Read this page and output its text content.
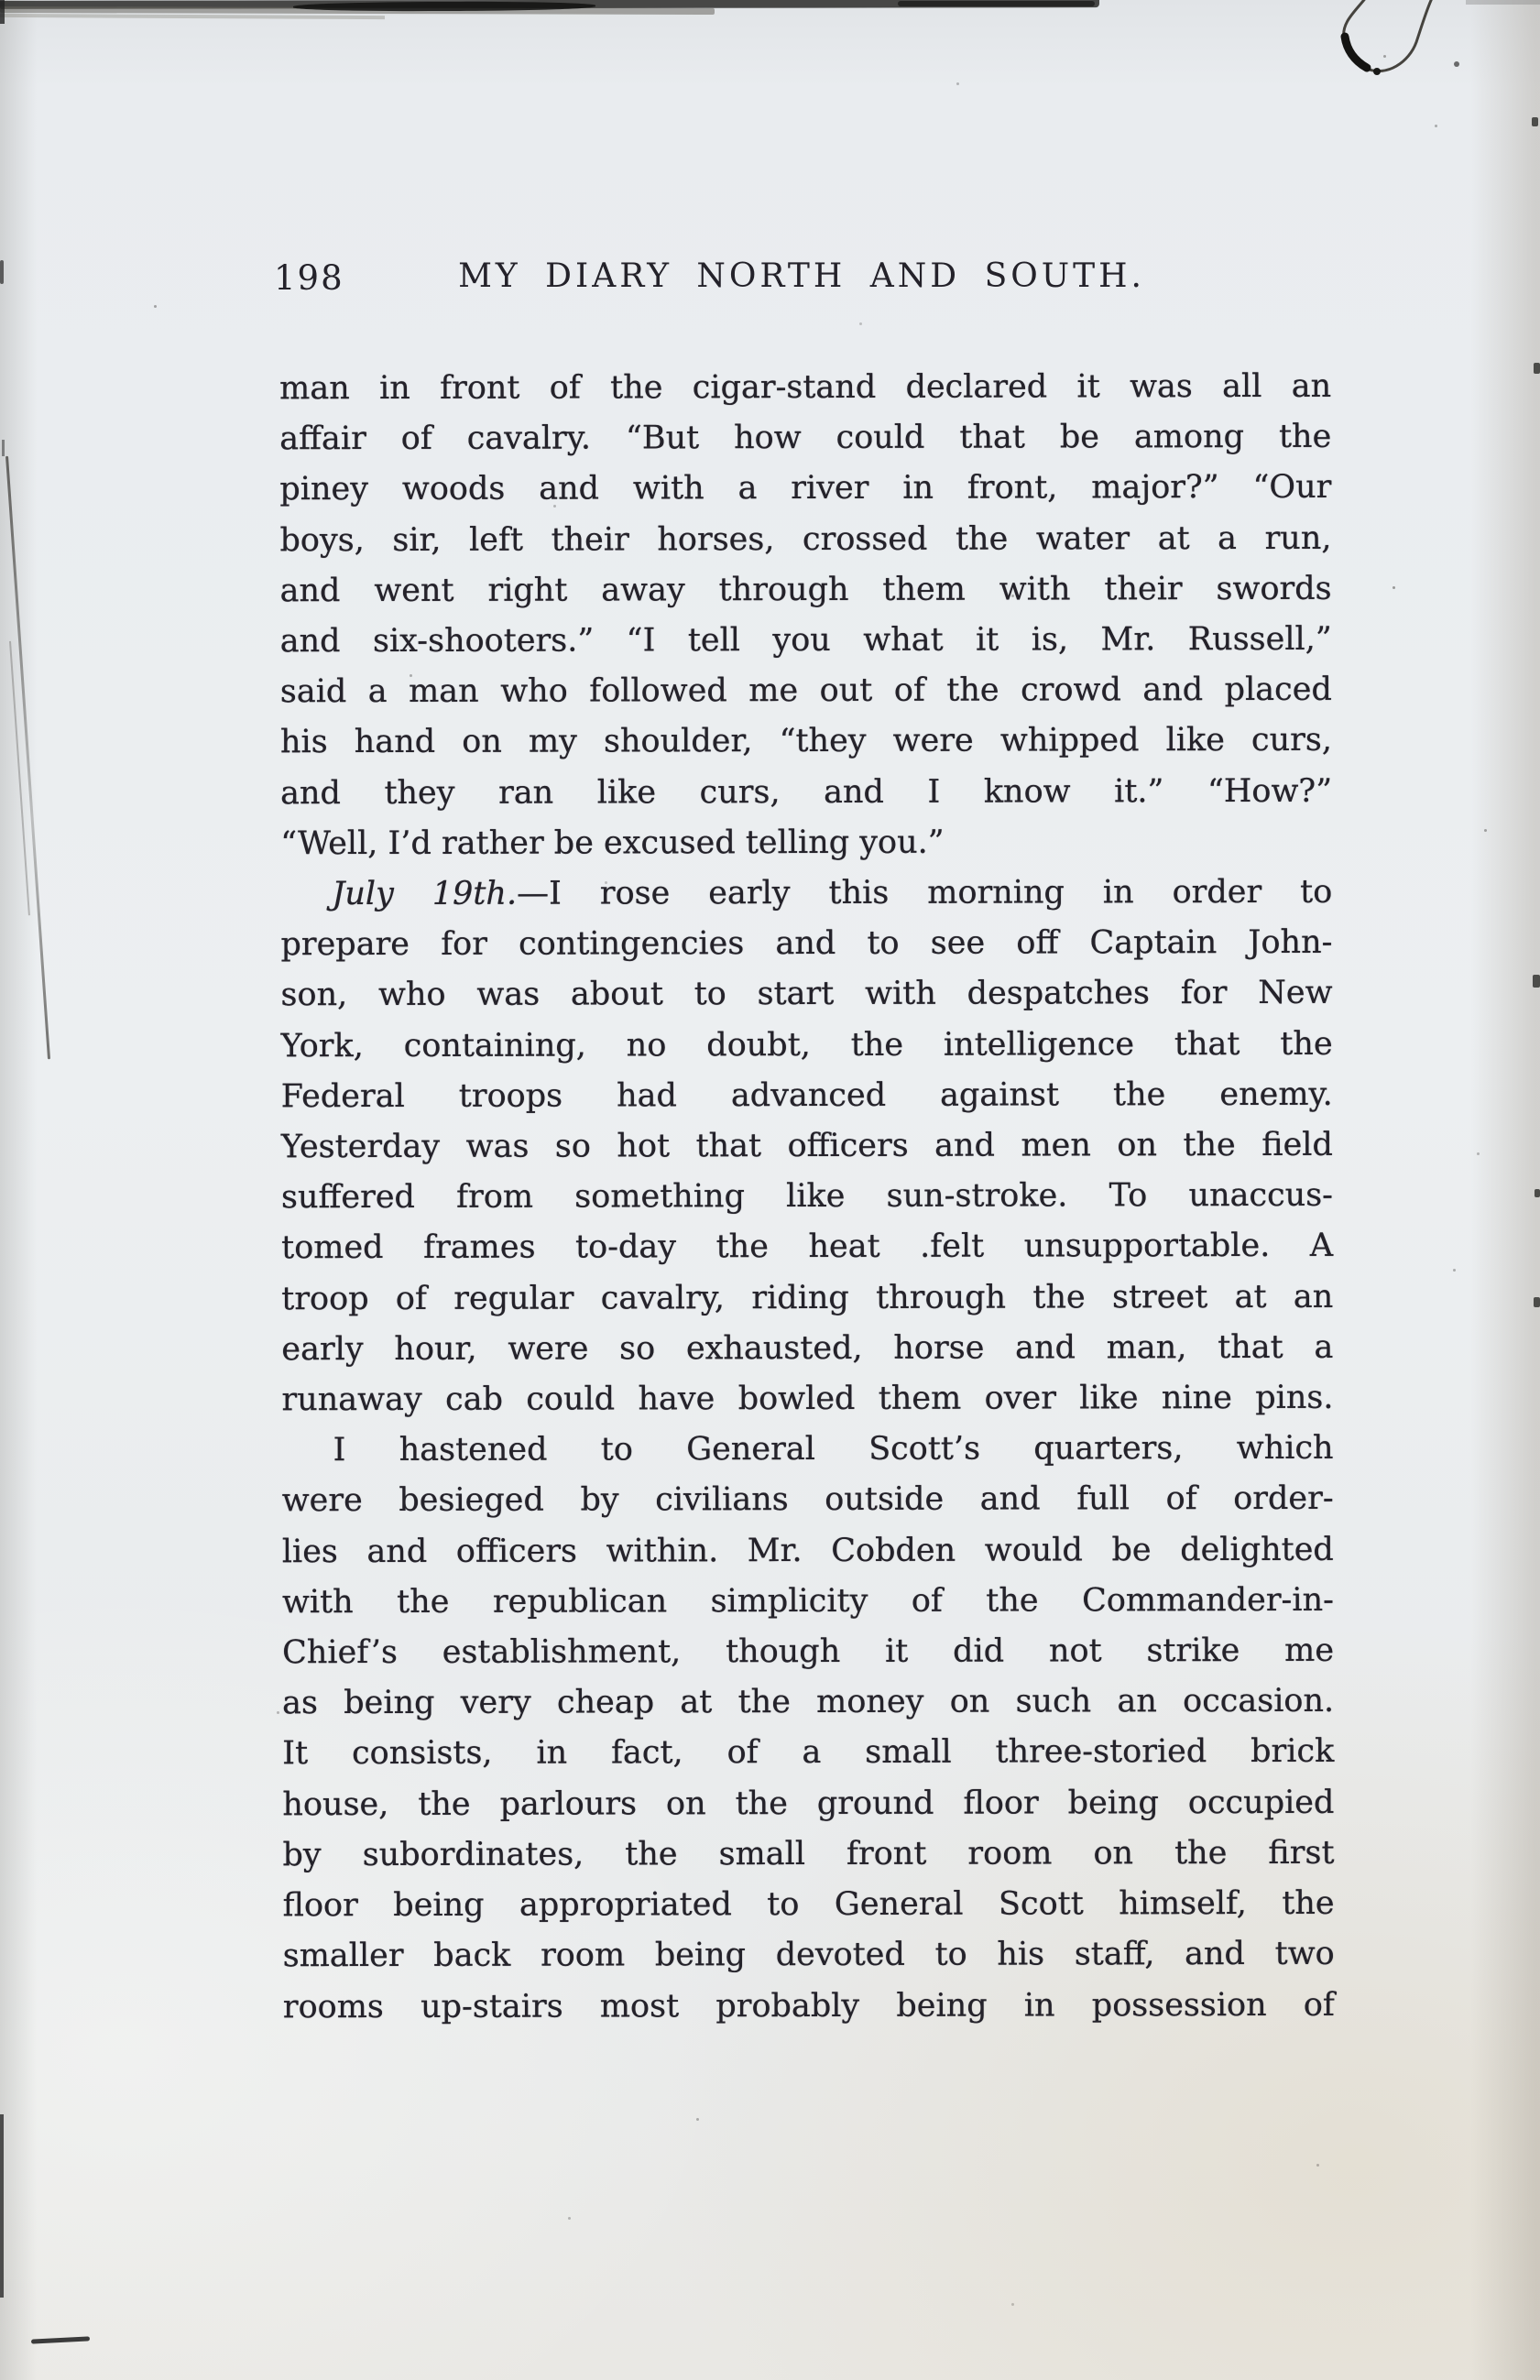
198	MY DIARY NORTH AND SOUTH.
man in front of the cigar-stand declared it was all an
affair of cavalry. “But how could that be among the
piney woods and with a river in front, major?” “Our
boys, sir, left their horses, crossed the water at a run,
and went right away through them with their swords
and six-shooters.” “I tell you what it is, Mr. Russell,”
said a man who followed me out of the crowd and placed
his hand on my shoulder, “they were whipped like curs,
and they ran like curs, and I know it.” “How?”
“Well, I’d rather be excused telling you.”
July 19th.—I rose early this morning in order to
prepare for contingencies and to see off Captain John-
son, who was about to start with despatches for New
York, containing, no doubt, the intelligence that the
Federal troops had advanced against the enemy.
Yesterday was so hot that officers and men on the field
suffered from something like sun-stroke. To unaccus-
tomed frames to-day the heat .felt unsupportable. A
troop of regular cavalry, riding through the street at an
early hour, were so exhausted, horse and man, that a
runaway cab could have bowled them over like nine pins.
I hastened to General Scott’s quarters, which
were besieged by civilians outside and full of order-
lies and officers within. Mr. Cobden would be delighted
with the republican simplicity of the Commander-in-
Chief’s establishment, though it did not strike me
as being very cheap at the money on such an occasion.
It consists, in fact, of a small three-storied brick
house, the parlours on the ground floor being occupied
by subordinates, the small front room on the first
floor being appropriated to General Scott himself, the
smaller back room being devoted to his staff, and two
rooms up-stairs most probably being in possession of
